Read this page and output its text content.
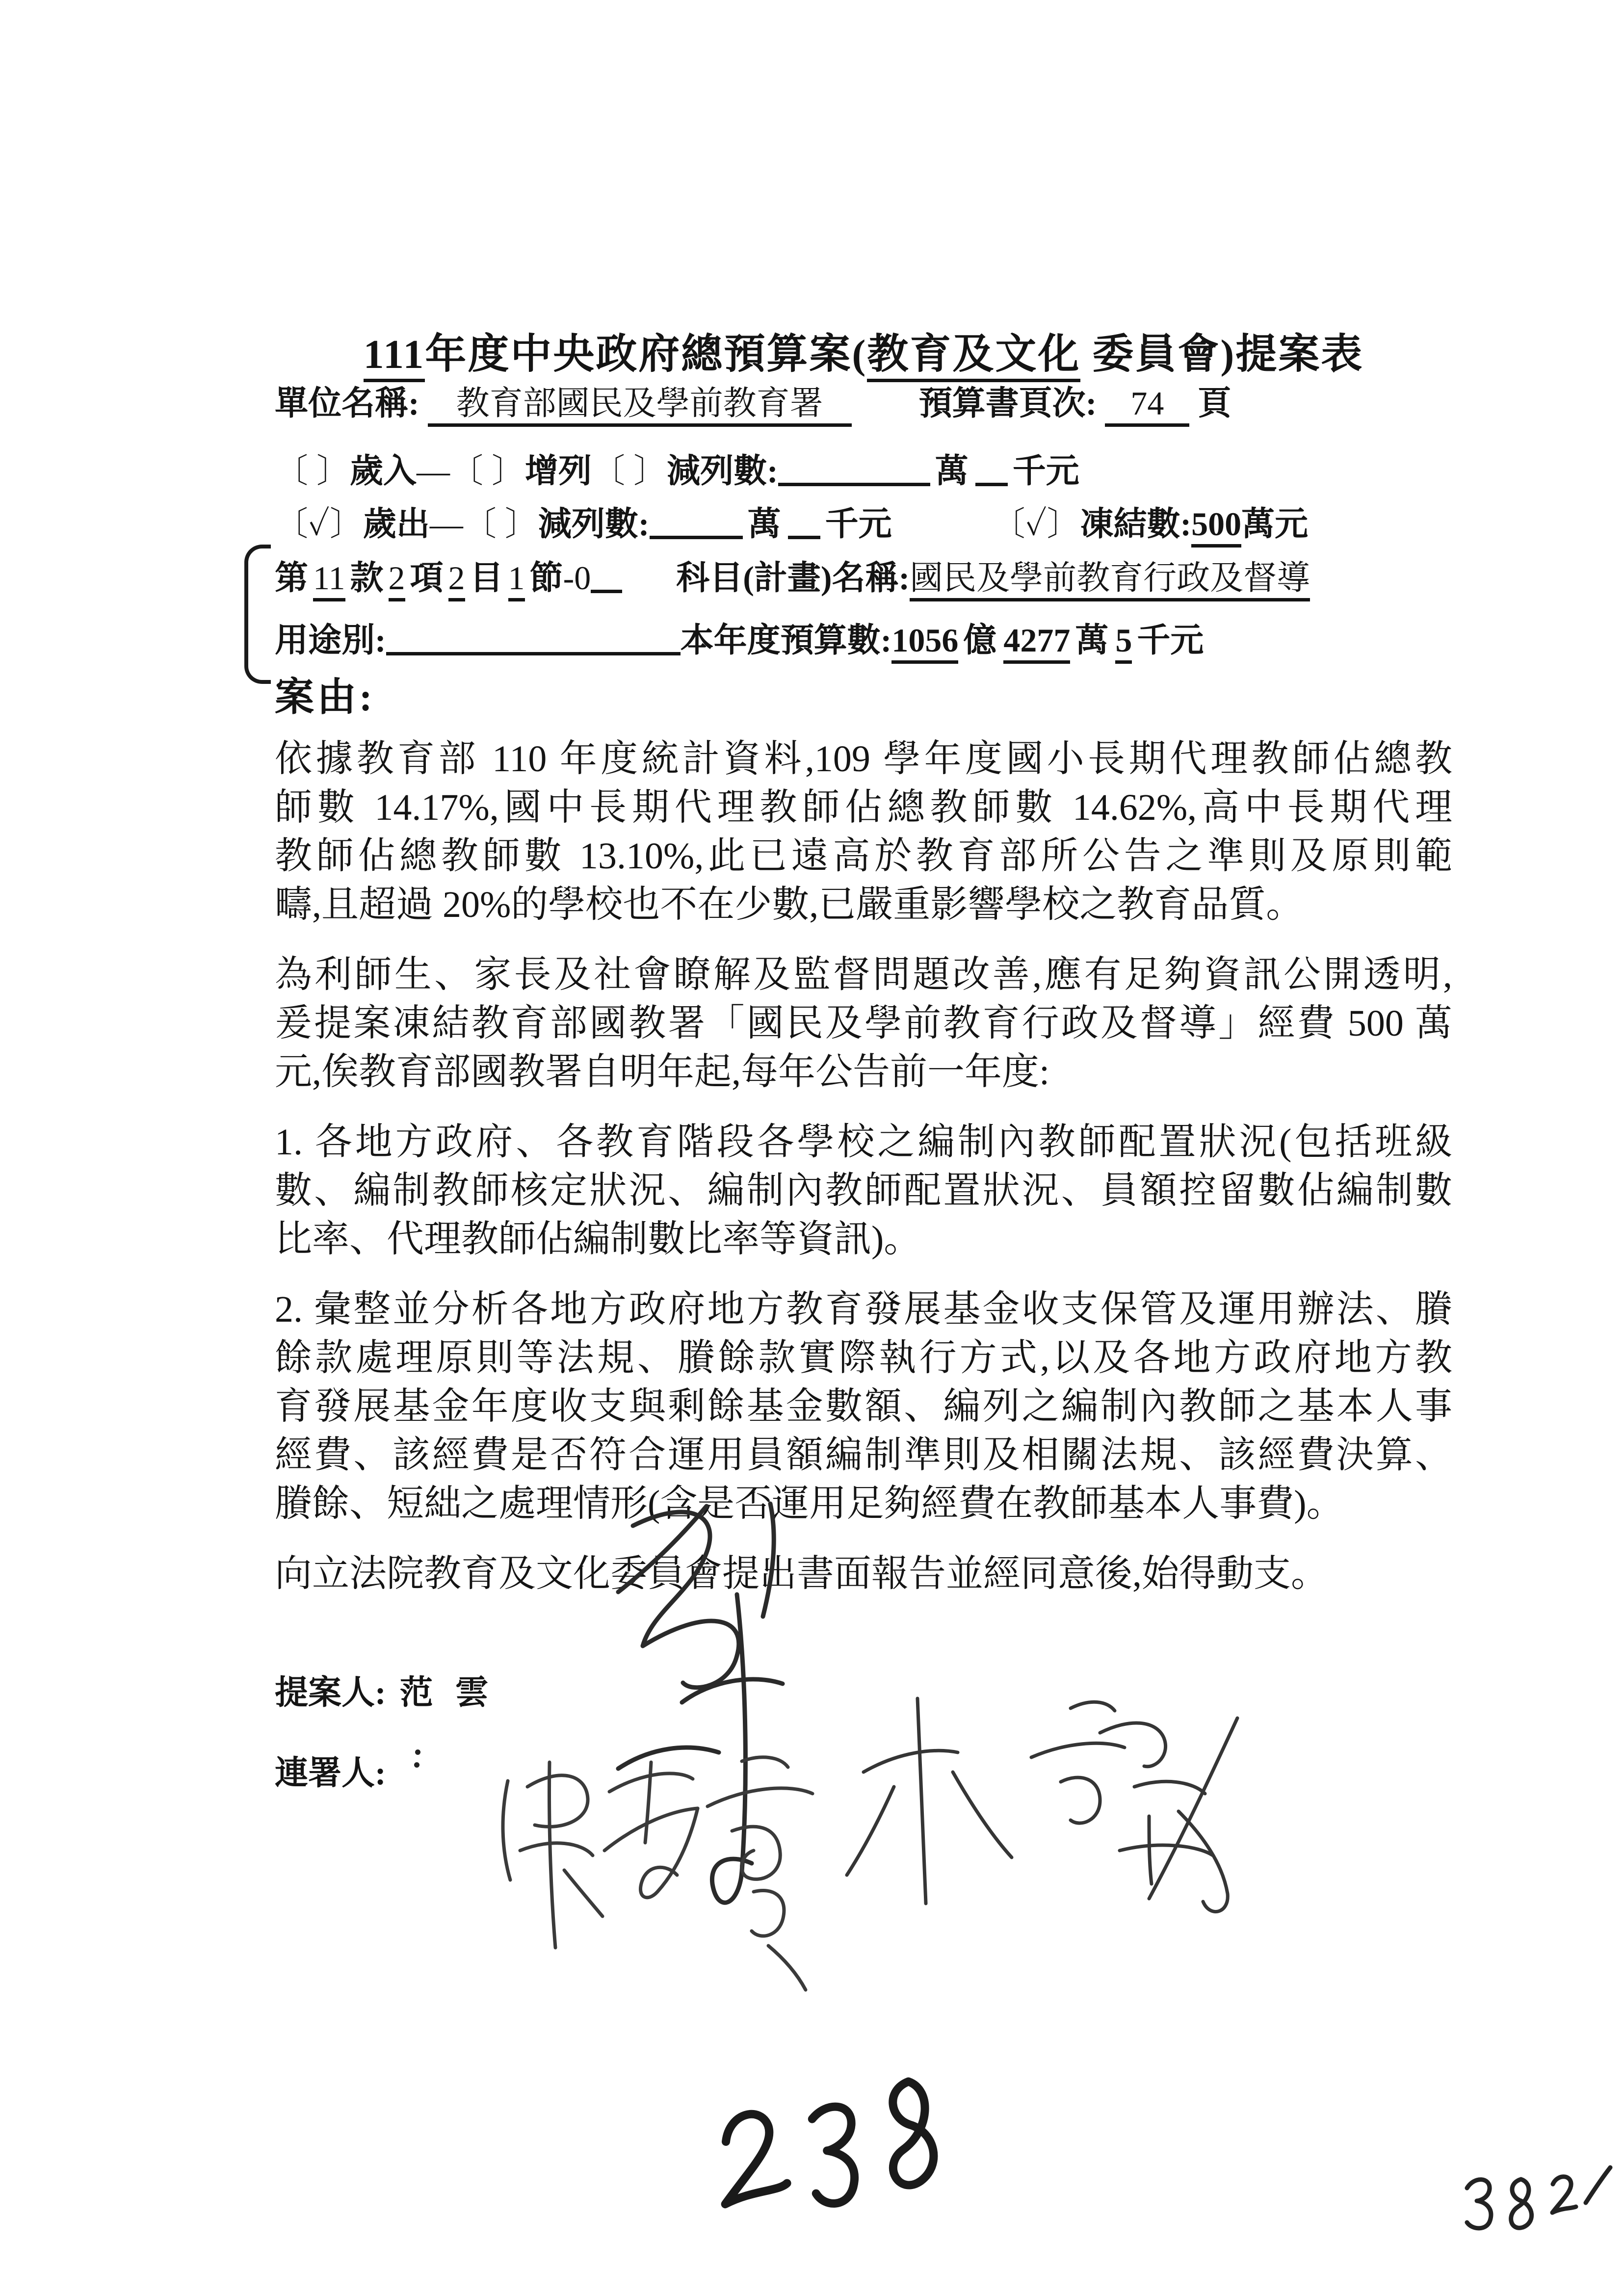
111年度中央政府總預算案(教育及文化 委員會)提案表
單位名稱: 教育部國民及學前教育署	預算書頁次: 74 頁
〔 〕歲入—〔 〕增列〔 〕減列數:	萬 千元
〔✓〕歲出—〔 〕減列數:	萬 千元	〔✓〕凍結數:500萬元
第 11 款 2 項 2 目 1 節-0	科目(計畫)名稱:國民及學前教育行政及督導
用途別:	本年度預算數:1056 億 4277 萬 5 千元
案由:
依據教育部 110 年度統計資料,109 學年度國小長期代理教師佔總教
師數 14.17%,國中長期代理教師佔總教師數 14.62%,高中長期代理
教師佔總教師數 13.10%,此已遠高於教育部所公告之準則及原則範
疇,且超過 20%的學校也不在少數,已嚴重影響學校之教育品質。
為利師生、家長及社會瞭解及監督問題改善,應有足夠資訊公開透明,
爰提案凍結教育部國教署「國民及學前教育行政及督導」經費 500 萬
元,俟教育部國教署自明年起,每年公告前一年度:
1. 各地方政府、各教育階段各學校之編制內教師配置狀況(包括班級
數、編制教師核定狀況、編制內教師配置狀況、員額控留數佔編制數
比率、代理教師佔編制數比率等資訊)。
2. 彙整並分析各地方政府地方教育發展基金收支保管及運用辦法、賸
餘款處理原則等法規、賸餘款實際執行方式,以及各地方政府地方教
育發展基金年度收支與剩餘基金數額、編列之編制內教師之基本人事
經費、該經費是否符合運用員額編制準則及相關法規、該經費決算、
賸餘、短絀之處理情形(含是否運用足夠經費在教師基本人事費)。
向立法院教育及文化委員會提出書面報告並經同意後,始得動支。
提案人: 范 雲
連署人:
